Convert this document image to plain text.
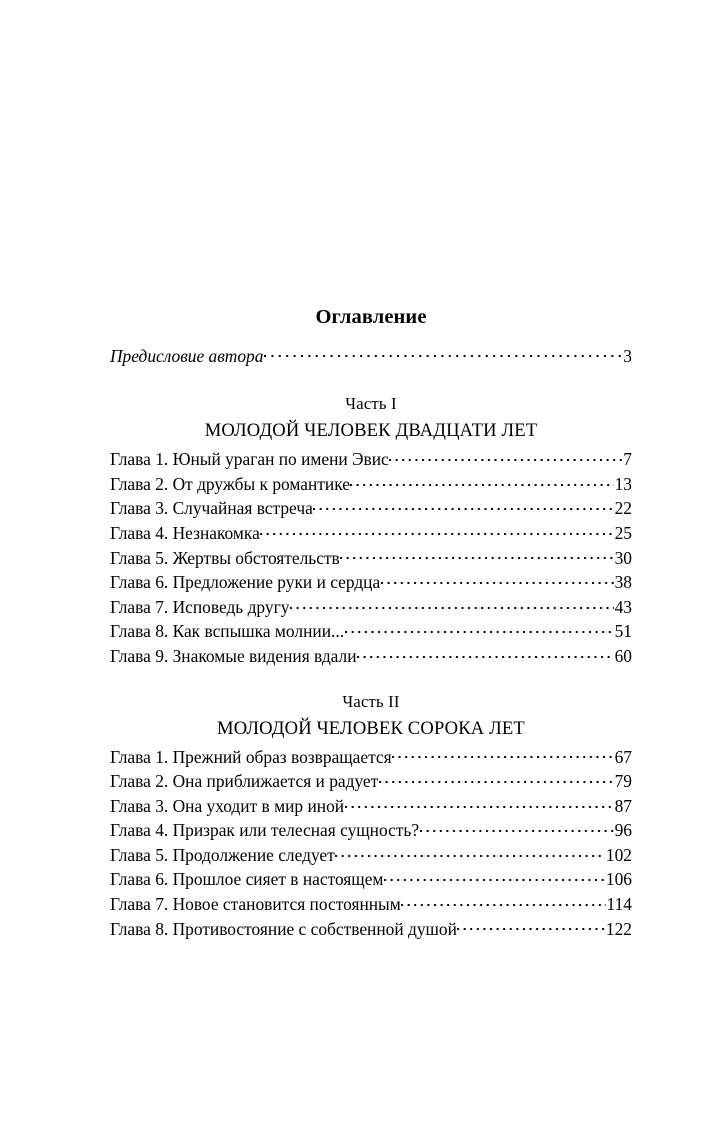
Оглавление
Предисловие автора	3
Часть I
МОЛОДОЙ ЧЕЛОВЕК ДВАДЦАТИ ЛЕТ
Глава 1. Юный ураган по имени Эвис	7
Глава 2. От дружбы к романтике	13
Глава 3. Случайная встреча	22
Глава 4. Незнакомка	25
Глава 5. Жертвы обстоятельств	30
Глава 6. Предложение руки и сердца	38
Глава 7. Исповедь другу	43
Глава 8. Как вспышка молнии...	51
Глава 9. Знакомые видения вдали	60
Часть II
МОЛОДОЙ ЧЕЛОВЕК СОРОКА ЛЕТ
Глава 1. Прежний образ возвращается	67
Глава 2. Она приближается и радует	79
Глава 3. Она уходит в мир иной	87
Глава 4. Призрак или телесная сущность?	96
Глава 5. Продолжение следует	102
Глава 6. Прошлое сияет в настоящем	106
Глава 7. Новое становится постоянным	114
Глава 8. Противостояние с собственной душой	122
